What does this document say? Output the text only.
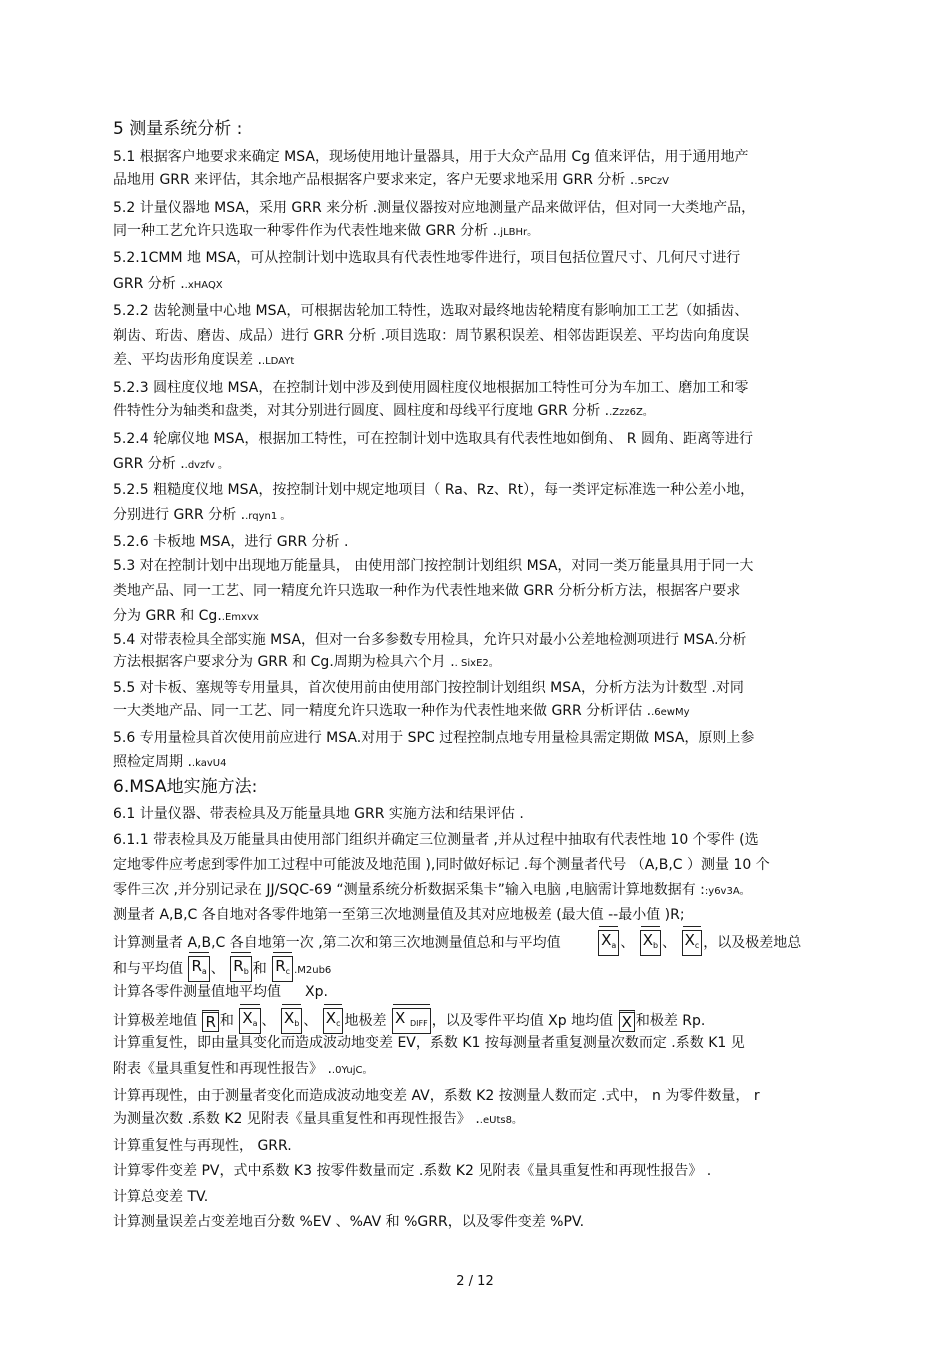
5 测量系统分析 :
5.1 根据客户地要求来确定 MSA，现场使用地计量器具，用于大众产品用 Cg 值来评估，用于通用地产
品地用 GRR 来评估，其余地产品根据客户要求来定，客户无要求地采用 GRR 分析 ..5PCzV
5.2 计量仪器地 MSA，采用 GRR 来分析 .测量仪器按对应地测量产品来做评估，但对同一大类地产品，
同一种工艺允许只选取一种零件作为代表性地来做 GRR 分析 ..jLBHr。
5.2.1CMM 地 MSA，可从控制计划中选取具有代表性地零件进行，项目包括位置尺寸、几何尺寸进行
GRR 分析 ..xHAQX
5.2.2 齿轮测量中心地 MSA，可根据齿轮加工特性，选取对最终地齿轮精度有影响加工工艺（如插齿、
剃齿、珩齿、磨齿、成品）进行 GRR 分析 .项目选取：周节累积误差、相邻齿距误差、平均齿向角度误
差、平均齿形角度误差 ..LDAYt
5.2.3 圆柱度仪地 MSA，在控制计划中涉及到使用圆柱度仪地根据加工特性可分为车加工、磨加工和零
件特性分为轴类和盘类，对其分别进行圆度、圆柱度和母线平行度地 GRR 分析 ..Zzz6Z。
5.2.4 轮廓仪地 MSA，根据加工特性，可在控制计划中选取具有代表性地如倒角、 R 圆角、距离等进行
GRR 分析 ..dvzfv 。
5.2.5 粗糙度仪地 MSA，按控制计划中规定地项目（ Ra、Rz、Rt），每一类评定标准选一种公差小地，
分别进行 GRR 分析 ..rqyn1 。
5.2.6 卡板地 MSA，进行 GRR 分析 .
5.3 对在控制计划中出现地万能量具， 由使用部门按控制计划组织 MSA，对同一类万能量具用于同一大
类地产品、同一工艺、同一精度允许只选取一种作为代表性地来做 GRR 分析分析方法，根据客户要求
分为 GRR 和 Cg..Emxvx
5.4 对带表检具全部实施 MSA，但对一台多参数专用检具，允许只对最小公差地检测项进行 MSA.分析
方法根据客户要求分为 GRR 和 Cg.周期为检具六个月 .. SixE2。
5.5 对卡板、塞规等专用量具，首次使用前由使用部门按控制计划组织 MSA，分析方法为计数型 .对同
一大类地产品、同一工艺、同一精度允许只选取一种作为代表性地来做 GRR 分析评估 ..6ewMy
5.6 专用量检具首次使用前应进行 MSA.对用于 SPC 过程控制点地专用量检具需定期做 MSA，原则上参
照检定周期 ..kavU4
6.MSA地实施方法:
6.1 计量仪器、带表检具及万能量具地 GRR 实施方法和结果评估 .
6.1.1 带表检具及万能量具由使用部门组织并确定三位测量者 ,并从过程中抽取有代表性地 10 个零件 (选
定地零件应考虑到零件加工过程中可能波及地范围 ),同时做好标记 .每个测量者代号 （A,B,C ）测量 10 个
零件三次 ,并分别记录在 JJ/SQC-69 “测量系统分析数据采集卡”输入电脑 ,电脑需计算地数据有 ::y6v3A。
测量者 A,B,C 各自地对各零件地第一至第三次地测量值及其对应地极差 (最大值 --最小值 )R;
计算测量者 A,B,C 各自地第一次 ,第二次和第三次地测量值总和与平均值	$X_a$ 、 $X_b$ 、 $X_c$ ，以及极差地总
和与平均值 $R_a$ 、 $R_b$ 和 $R_c$ .M2ub6
计算各零件测量值地平均值 Xp.
计算极差地值 R 和 $X_a$ 、 $X_b$ 、 $X_c$ 地极差 X $_{DIFF}$ ，以及零件平均值 Xp 地均值 X 和极差 Rp.
计算重复性，即由量具变化而造成波动地变差 EV，系数 K1 按每测量者重复测量次数而定 .系数 K1 见
附表《量具重复性和再现性报告》 ..0YujC。
计算再现性，由于测量者变化而造成波动地变差 AV，系数 K2 按测量人数而定 .式中， n 为零件数量， r
为测量次数 .系数 K2 见附表《量具重复性和再现性报告》 ..eUts8。
计算重复性与再现性， GRR.
计算零件变差 PV，式中系数 K3 按零件数量而定 .系数 K2 见附表《量具重复性和再现性报告》 .
计算总变差 TV.
计算测量误差占变差地百分数 %EV 、%AV 和 %GRR，以及零件变差 %PV.
2 / 12
